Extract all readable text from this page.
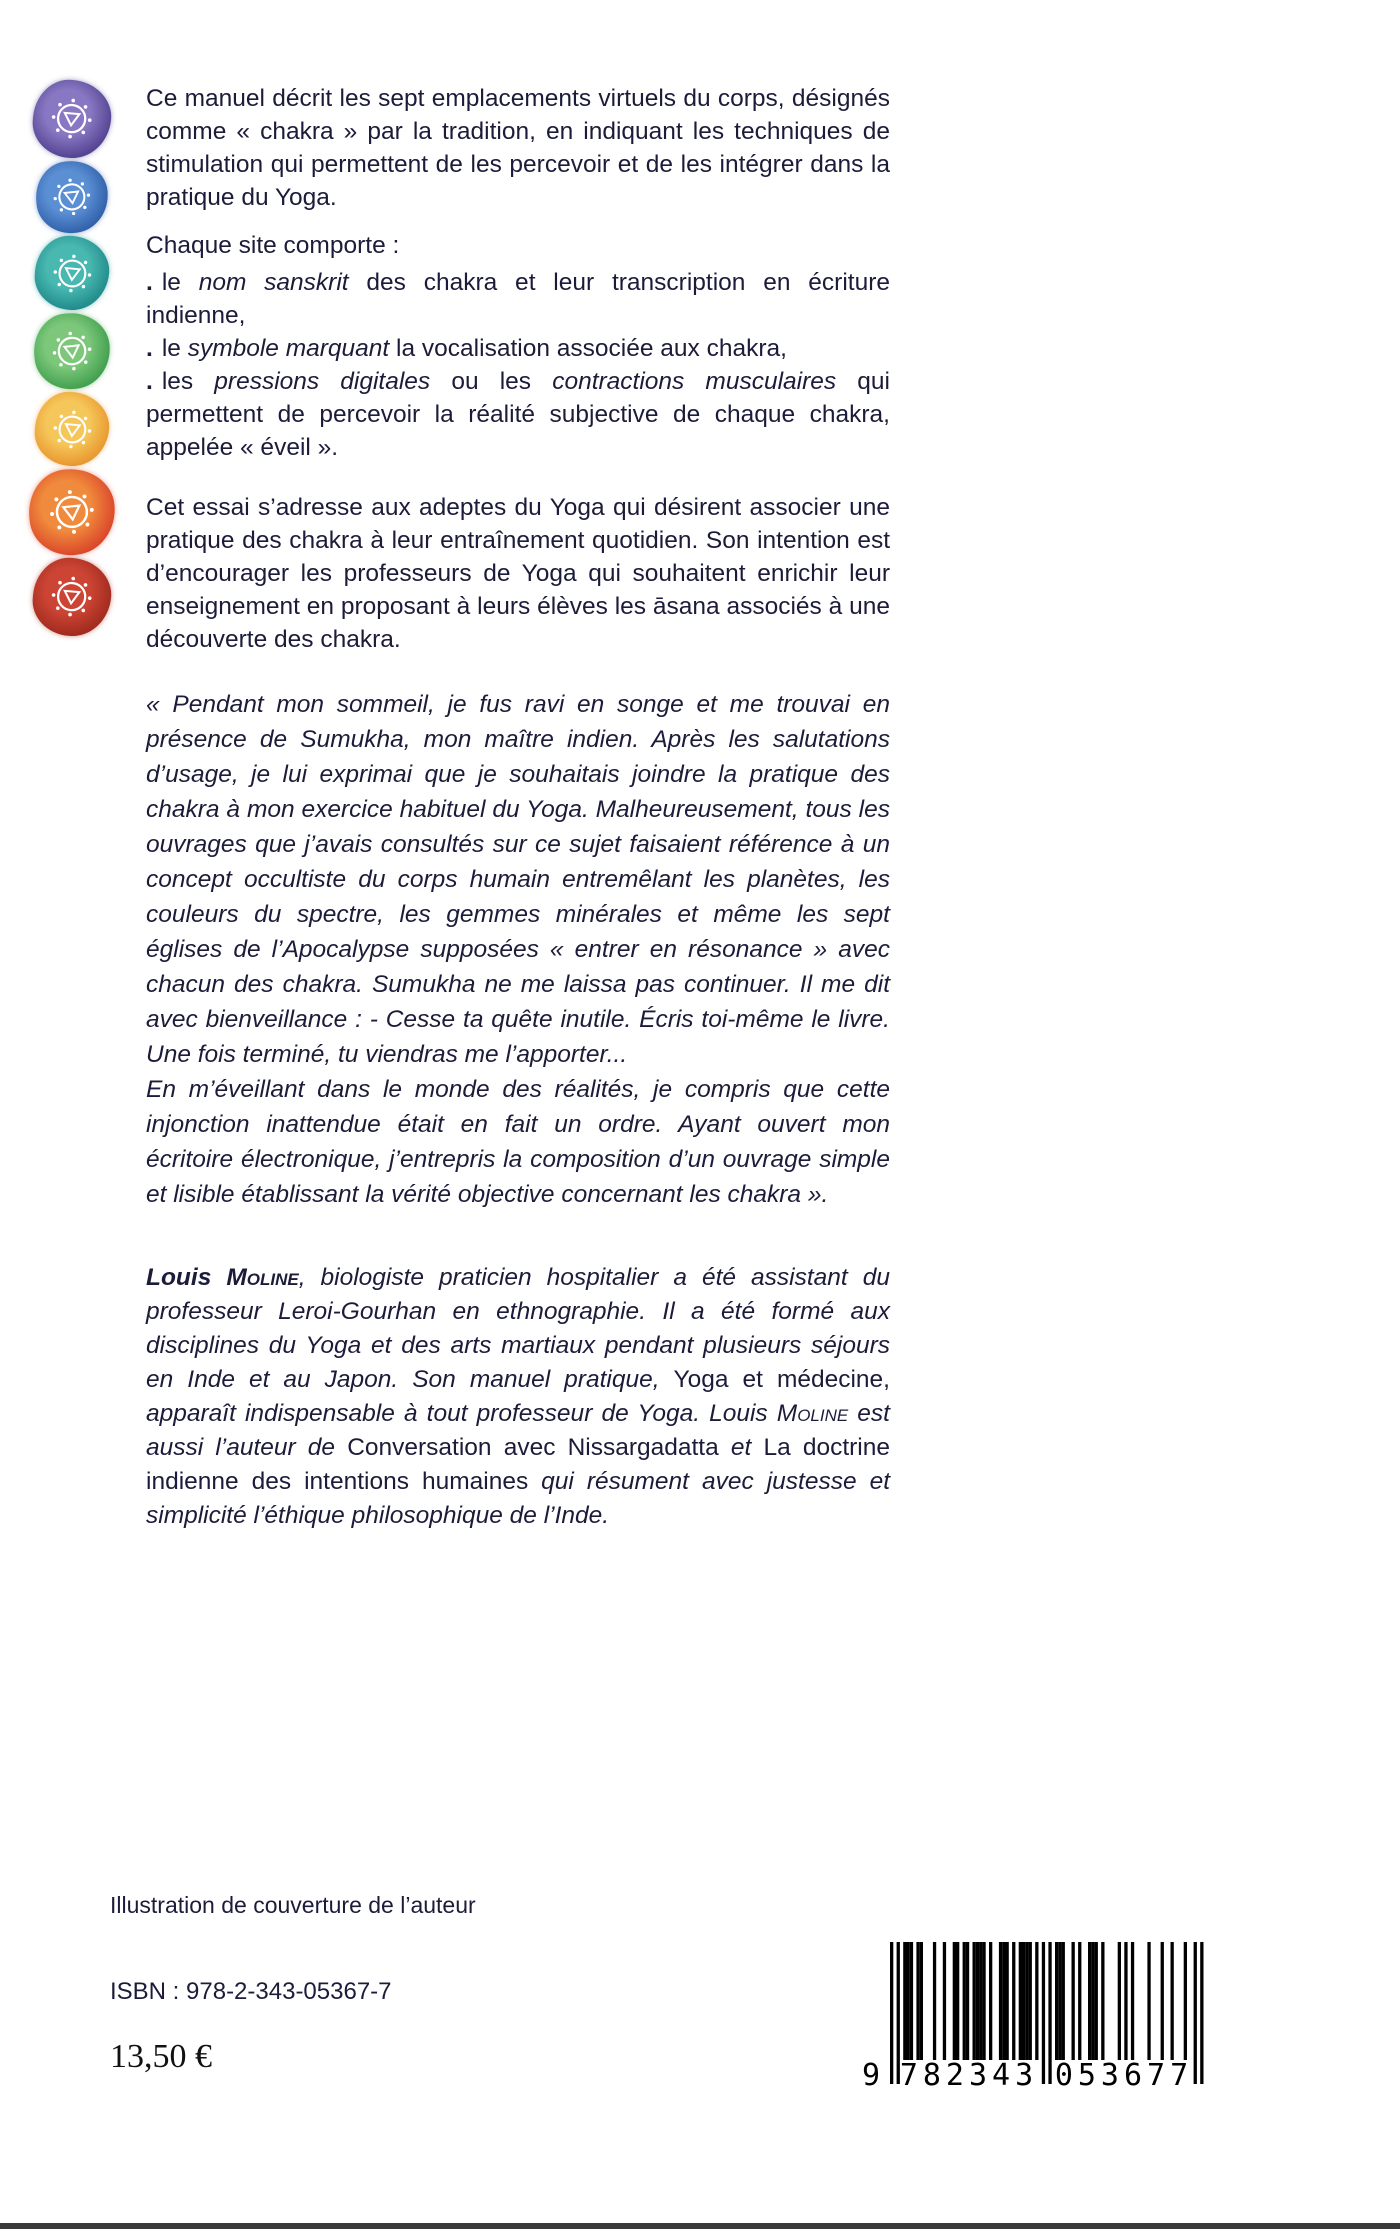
Ce manuel décrit les sept emplacements virtuels du corps, désignés comme « chakra » par la tradition, en indiquant les techniques de stimulation qui permettent de les percevoir et de les intégrer dans la pratique du Yoga.

Chaque site comporte :

. le nom sanskrit des chakra et leur transcription en écriture indienne,
. le symbole marquant la vocalisation associée aux chakra,
. les pressions digitales ou les contractions musculaires qui permettent de percevoir la réalité subjective de chaque chakra, appelée « éveil ».

Cet essai s’adresse aux adeptes du Yoga qui désirent associer une pratique des chakra à leur entraînement quotidien. Son intention est d’encourager les professeurs de Yoga qui souhaitent enrichir leur enseignement en proposant à leurs élèves les āsana associés à une découverte des chakra.

« Pendant mon sommeil, je fus ravi en songe et me trouvai en présence de Sumukha, mon maître indien. Après les salutations d’usage, je lui exprimai que je souhaitais joindre la pratique des chakra à mon exercice habituel du Yoga. Malheureusement, tous les ouvrages que j’avais consultés sur ce sujet faisaient référence à un concept occultiste du corps humain entremêlant les planètes, les couleurs du spectre, les gemmes minérales et même les sept églises de l’Apocalypse supposées « entrer en résonance » avec chacun des chakra. Sumukha ne me laissa pas continuer. Il me dit avec bienveillance : - Cesse ta quête inutile. Écris toi-même le livre. Une fois terminé, tu viendras me l’apporter...
En m’éveillant dans le monde des réalités, je compris que cette injonction inattendue était en fait un ordre. Ayant ouvert mon écritoire électronique, j’entrepris la composition d’un ouvrage simple et lisible établissant la vérité objective concernant les chakra ».

Louis Moline, biologiste praticien hospitalier a été assistant du professeur Leroi-Gourhan en ethnographie. Il a été formé aux disciplines du Yoga et des arts martiaux pendant plusieurs séjours en Inde et au Japon. Son manuel pratique, Yoga et médecine, apparaît indispensable à tout professeur de Yoga. Louis Moline est aussi l’auteur de Conversation avec Nissargadatta et La doctrine indienne des intentions humaines qui résument avec justesse et simplicité l’éthique philosophique de l’Inde.

Illustration de couverture de l’auteur
ISBN : 978-2-343-05367-7
13,50 €
9 782343 053677
